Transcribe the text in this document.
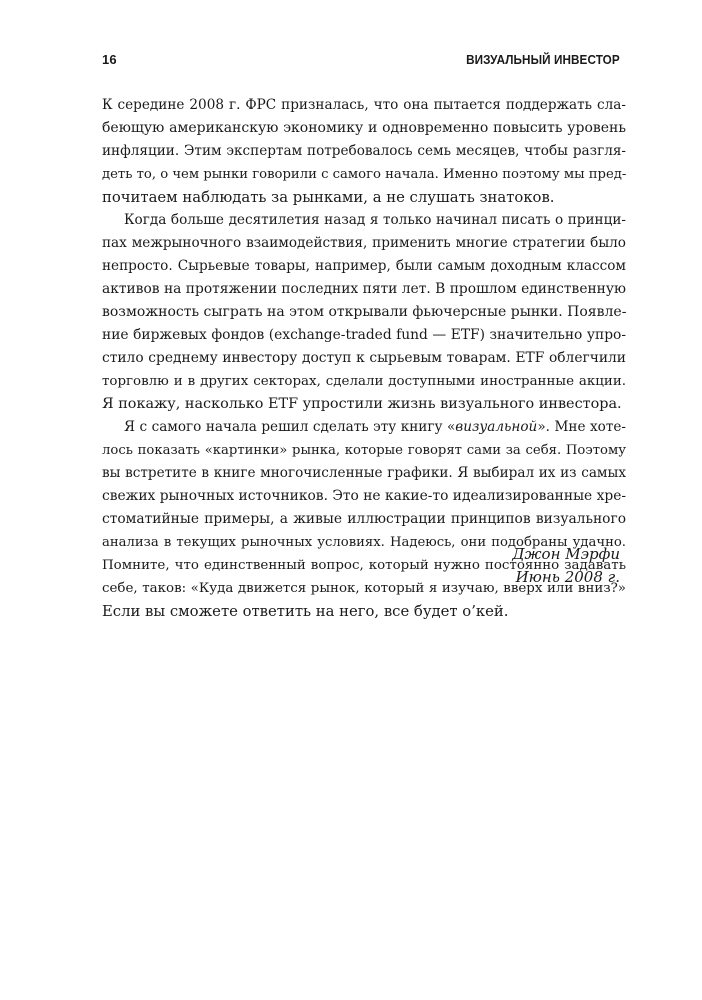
16	ВИЗУАЛЬНЫЙ ИНВЕСТОР
К середине 2008 г. ФРС призналась, что она пытается поддержать сла-
беющую американскую экономику и одновременно повысить уровень
инфляции. Этим экспертам потребовалось семь месяцев, чтобы разгля-
деть то, о чем рынки говорили с самого начала. Именно поэтому мы пред-
почитаем наблюдать за рынками, а не слушать знатоков.
Когда больше десятилетия назад я только начинал писать о принци-
пах межрыночного взаимодействия, применить многие стратегии было
непросто. Сырьевые товары, например, были самым доходным классом
активов на протяжении последних пяти лет. В прошлом единственную
возможность сыграть на этом открывали фьючерсные рынки. Появле-
ние биржевых фондов (exchange-traded fund — ETF) значительно упро-
стило среднему инвестору доступ к сырьевым товарам. ETF облегчили
торговлю и в других секторах, сделали доступными иностранные акции.
Я покажу, насколько ETF упростили жизнь визуального инвестора.
Я с самого начала решил сделать эту книгу «визуальной». Мне хоте-
лось показать «картинки» рынка, которые говорят сами за себя. Поэтому
вы встретите в книге многочисленные графики. Я выбирал их из самых
свежих рыночных источников. Это не какие-то идеализированные хре-
стоматийные примеры, а живые иллюстрации принципов визуального
анализа в текущих рыночных условиях. Надеюсь, они подобраны удачно.
Помните, что единственный вопрос, который нужно постоянно задавать
себе, таков: «Куда движется рынок, который я изучаю, вверх или вниз?»
Если вы сможете ответить на него, все будет о’кей.
Джон Мэрфи
Июнь 2008 г.
